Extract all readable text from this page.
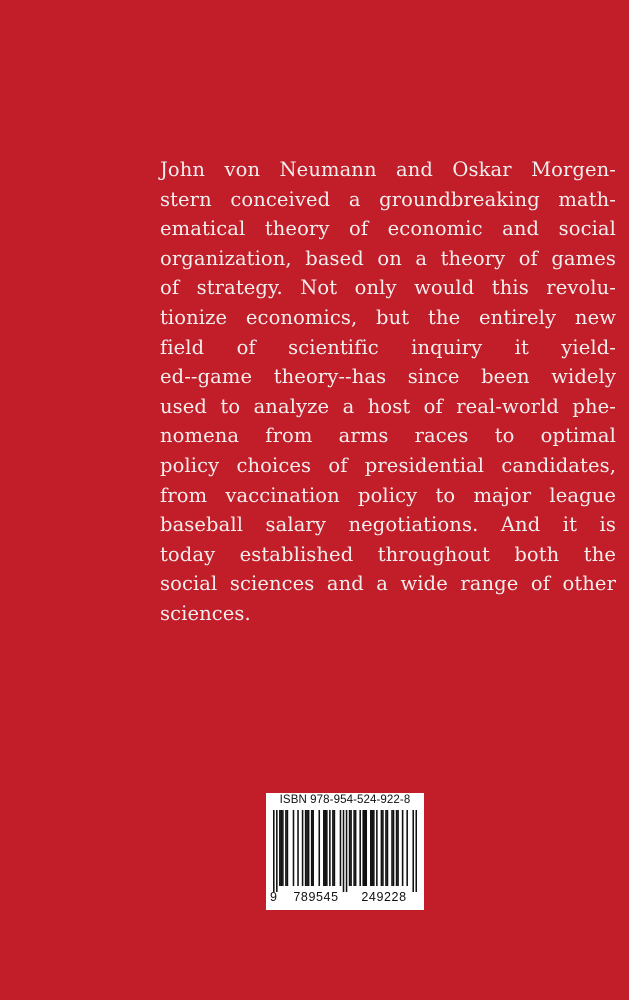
John von Neumann and Oskar Morgen-
stern conceived a groundbreaking math-
ematical theory of economic and social
organization, based on a theory of games
of strategy. Not only would this revolu-
tionize economics, but the entirely new
field of scientific inquiry it yield-
ed--game theory--has since been widely
used to analyze a host of real-world phe-
nomena from arms races to optimal
policy choices of presidential candidates,
from vaccination policy to major league
baseball salary negotiations. And it is
today established throughout both the
social sciences and a wide range of other
sciences.

ISBN 978-954-524-922-8
9	789545	249228
